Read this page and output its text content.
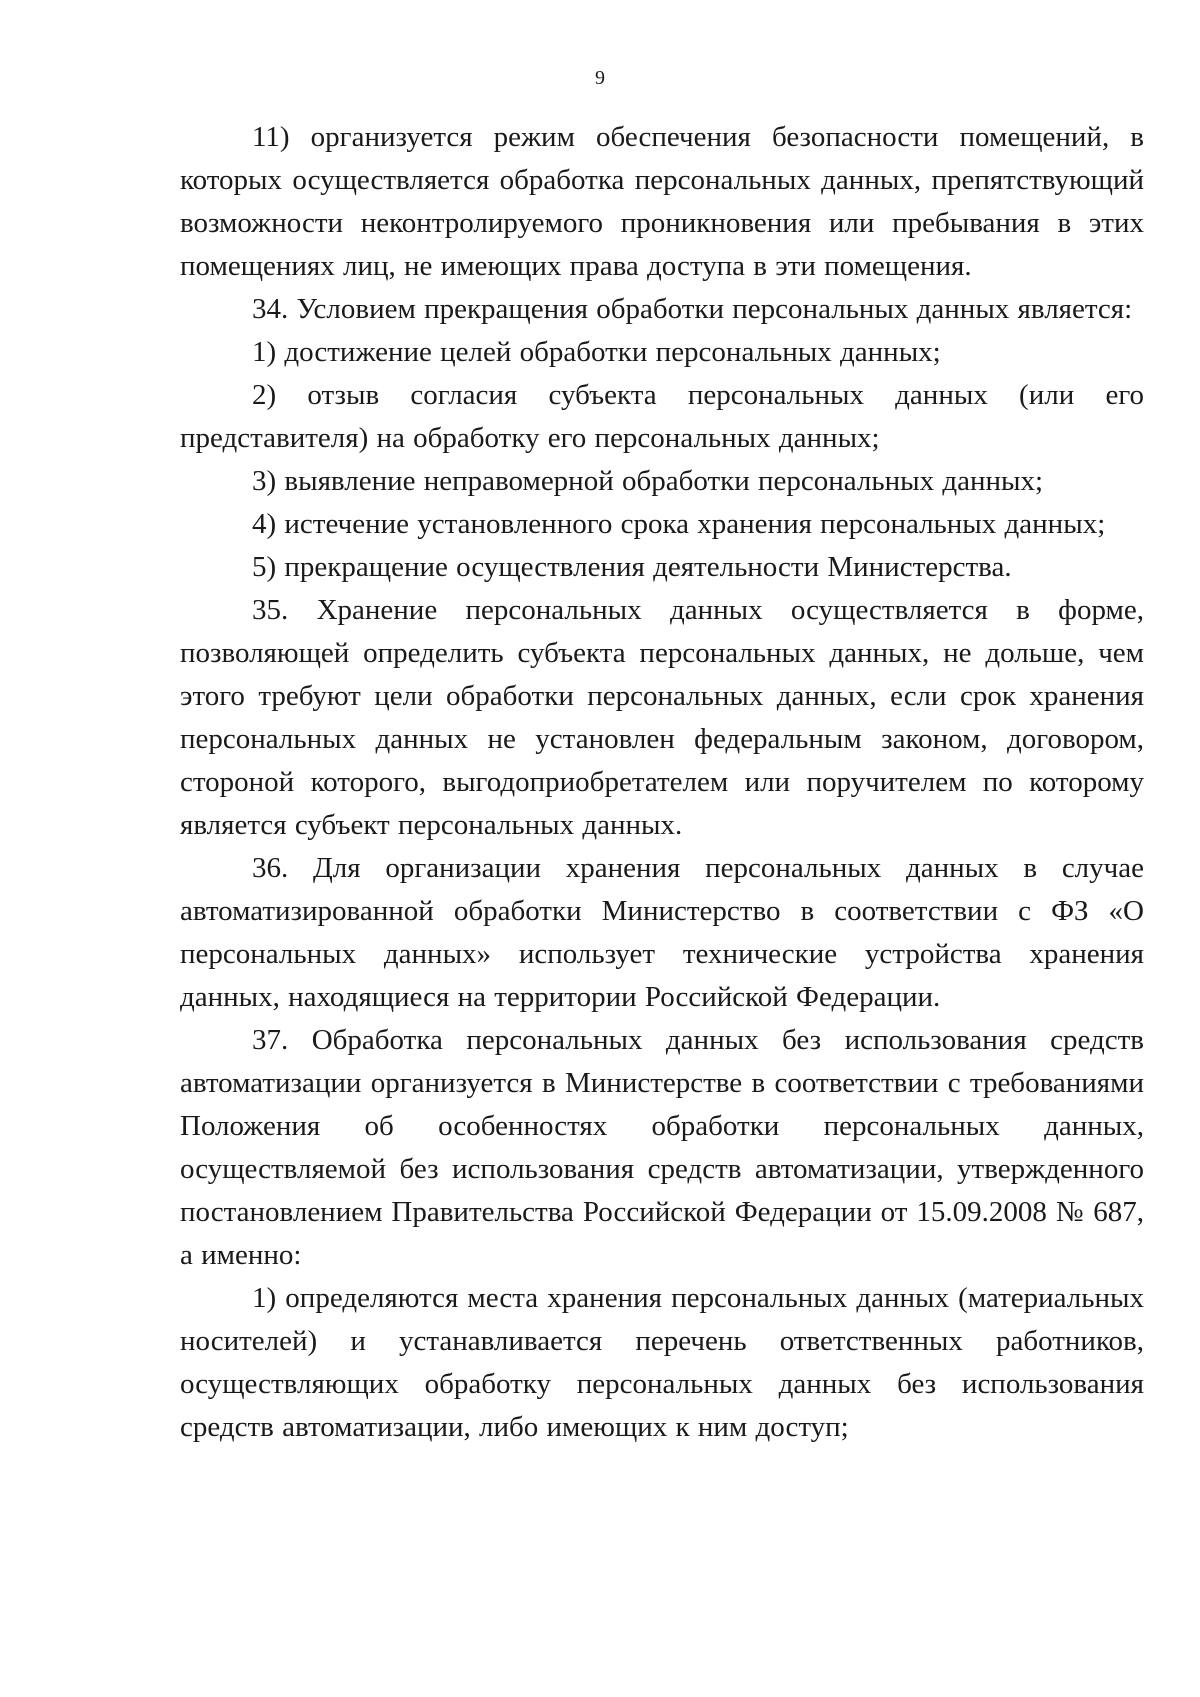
9

11) организуется режим обеспечения безопасности помещений, в которых осуществляется обработка персональных данных, препятствующий возможности неконтролируемого проникновения или пребывания в этих помещениях лиц, не имеющих права доступа в эти помещения.

34. Условием прекращения обработки персональных данных является:

1) достижение целей обработки персональных данных;

2) отзыв согласия субъекта персональных данных (или его представителя) на обработку его персональных данных;

3) выявление неправомерной обработки персональных данных;

4) истечение установленного срока хранения персональных данных;

5) прекращение осуществления деятельности Министерства.

35. Хранение персональных данных осуществляется в форме, позволяющей определить субъекта персональных данных, не дольше, чем этого требуют цели обработки персональных данных, если срок хранения персональных данных не установлен федеральным законом, договором, стороной которого, выгодоприобретателем или поручителем по которому является субъект персональных данных.

36. Для организации хранения персональных данных в случае автоматизированной обработки Министерство в соответствии с ФЗ «О персональных данных» использует технические устройства хранения данных, находящиеся на территории Российской Федерации.

37. Обработка персональных данных без использования средств автоматизации организуется в Министерстве в соответствии с требованиями Положения об особенностях обработки персональных данных, осуществляемой без использования средств автоматизации, утвержденного постановлением Правительства Российской Федерации от 15.09.2008 № 687, а именно:

1) определяются места хранения персональных данных (материальных носителей) и устанавливается перечень ответственных работников, осуществляющих обработку персональных данных без использования средств автоматизации, либо имеющих к ним доступ;
